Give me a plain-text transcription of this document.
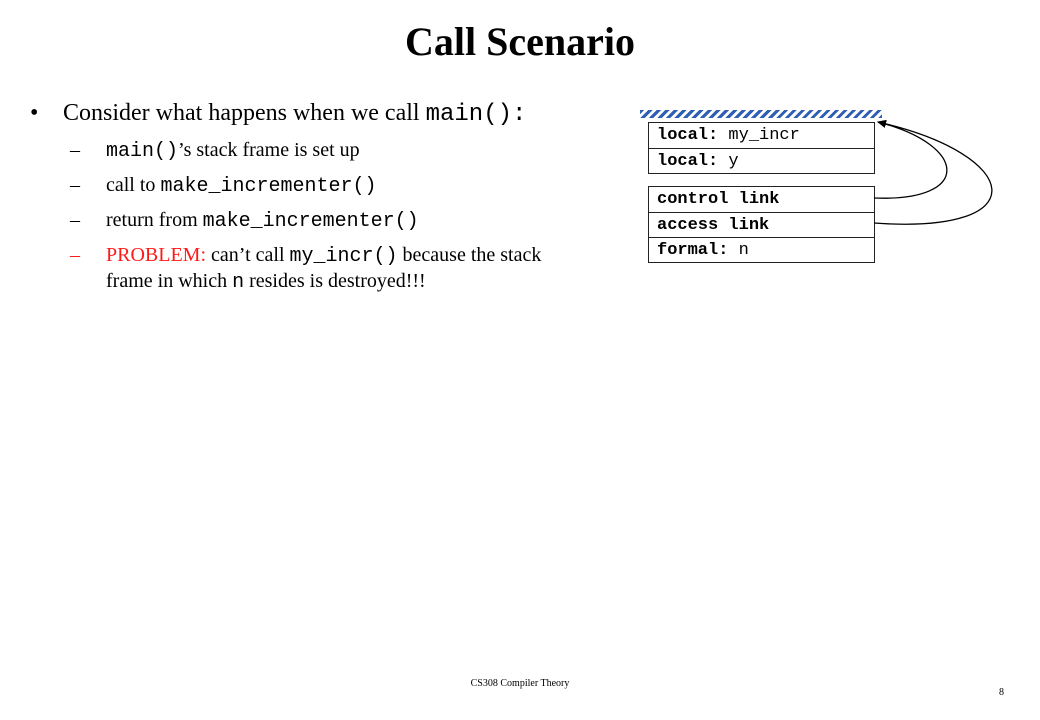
Call Scenario
• Consider what happens when we call main():
– main()’s stack frame is set up
– call to make_incrementer()
– return from make_incrementer()
– PROBLEM: can’t call my_incr() because the stack frame in which n resides is destroyed!!!
local: my_incr
local: y
control link
access link
formal: n
CS308 Compiler Theory
8
